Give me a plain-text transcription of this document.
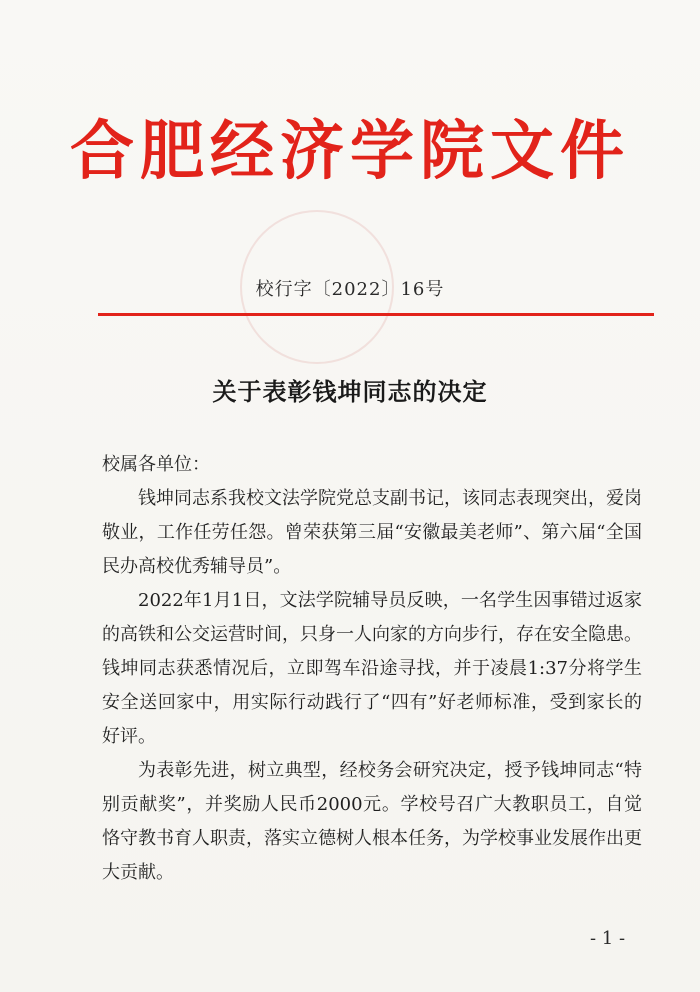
合肥经济学院文件
校行字〔2022〕16号
关于表彰钱坤同志的决定

校属各单位：

钱坤同志系我校文法学院党总支副书记，该同志表现突出，爱岗敬业，工作任劳任怨。曾荣获第三届“安徽最美老师”、第六届“全国民办高校优秀辅导员”。

2022年1月1日，文法学院辅导员反映，一名学生因事错过返家的高铁和公交运营时间，只身一人向家的方向步行，存在安全隐患。钱坤同志获悉情况后，立即驾车沿途寻找，并于凌晨1:37分将学生安全送回家中，用实际行动践行了“四有”好老师标准，受到家长的好评。

为表彰先进，树立典型，经校务会研究决定，授予钱坤同志“特别贡献奖”，并奖励人民币2000元。学校号召广大教职员工，自觉恪守教书育人职责，落实立德树人根本任务，为学校事业发展作出更大贡献。

- 1 -
